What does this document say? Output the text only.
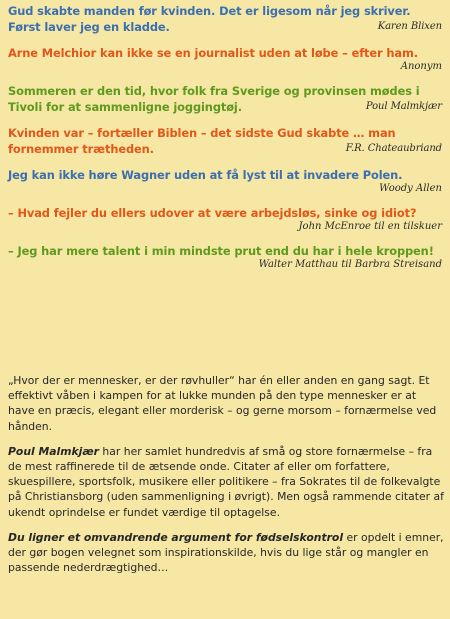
Gud skabte manden før kvinden. Det er ligesom når jeg skriver. Først laver jeg en kladde.	Karen Blixen
Arne Melchior kan ikke se en journalist uden at løbe – efter ham.
Anonym
Sommeren er den tid, hvor folk fra Sverige og provinsen mødes i Tivoli for at sammenligne joggingtøj.	Poul Malmkjær
Kvinden var – fortæller Biblen – det sidste Gud skabte … man fornemmer trætheden.	F.R. Chateaubriand
Jeg kan ikke høre Wagner uden at få lyst til at invadere Polen.
Woody Allen
– Hvad fejler du ellers udover at være arbejdsløs, sinke og idiot?
John McEnroe til en tilskuer
– Jeg har mere talent i min mindste prut end du har i hele kroppen!
Walter Matthau til Barbra Streisand

„Hvor der er mennesker, er der røvhuller“ har én eller anden en gang sagt. Et effektivt våben i kampen for at lukke munden på den type mennesker er at have en præcis, elegant eller morderisk – og gerne morsom – fornærmelse ved hånden.

Poul Malmkjær har her samlet hundredvis af små og store fornærmelse – fra de mest raffinerede til de ætsende onde. Citater af eller om forfattere, skuespillere, sportsfolk, musikere eller politikere – fra Sokrates til de folkevalgte på Christiansborg (uden sammenligning i øvrigt). Men også rammende citater af ukendt oprindelse er fundet værdige til optagelse.

Du ligner et omvandrende argument for fødselskontrol er opdelt i emner, der gør bogen velegnet som inspirationskilde, hvis du lige står og mangler en passende nederdrægtighed…
